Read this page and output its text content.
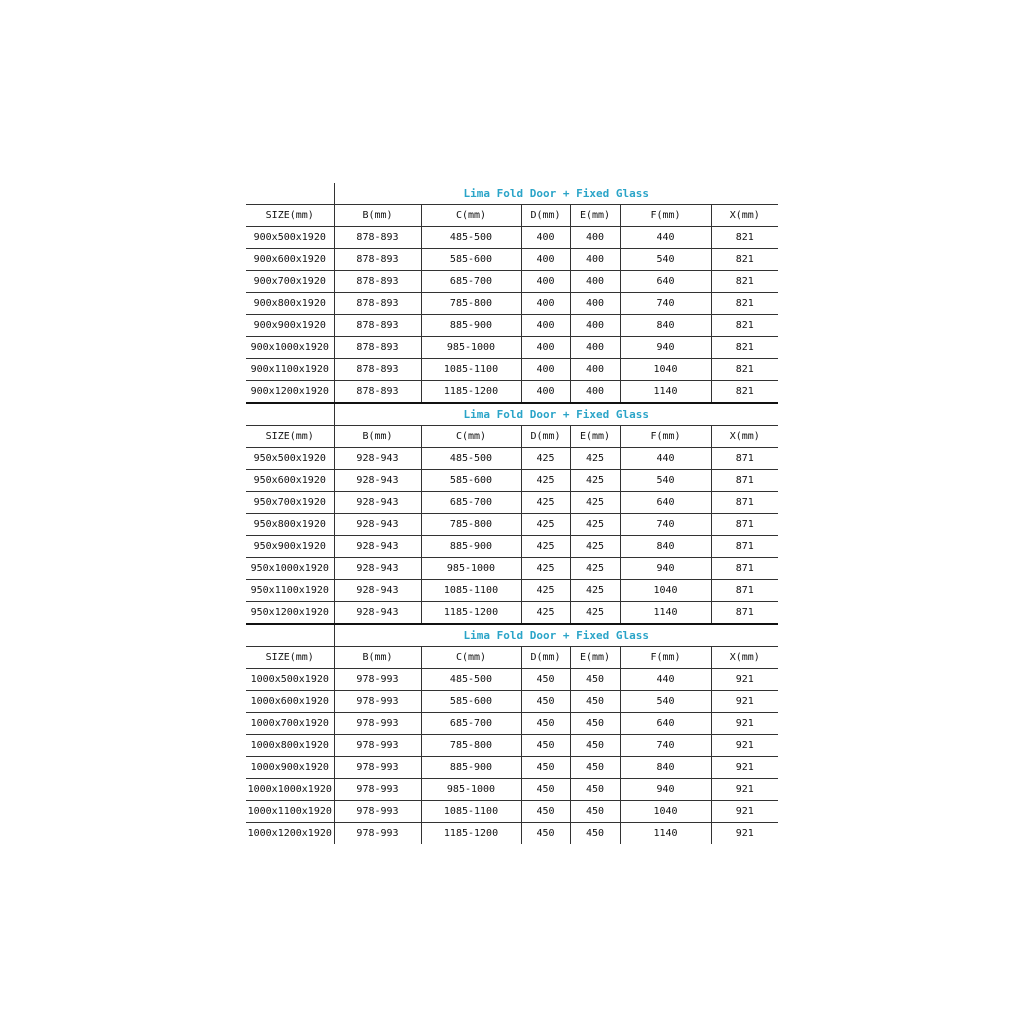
	Lima Fold Door + Fixed Glass					
SIZE(mm)	B(mm)	C(mm)	D(mm)	E(mm)	F(mm)	X(mm)
900x500x1920	878-893	485-500	400	400	440	821
900x600x1920	878-893	585-600	400	400	540	821
900x700x1920	878-893	685-700	400	400	640	821
900x800x1920	878-893	785-800	400	400	740	821
900x900x1920	878-893	885-900	400	400	840	821
900x1000x1920	878-893	985-1000	400	400	940	821
900x1100x1920	878-893	1085-1100	400	400	1040	821
900x1200x1920	878-893	1185-1200	400	400	1140	821
	Lima Fold Door + Fixed Glass					
SIZE(mm)	B(mm)	C(mm)	D(mm)	E(mm)	F(mm)	X(mm)
950x500x1920	928-943	485-500	425	425	440	871
950x600x1920	928-943	585-600	425	425	540	871
950x700x1920	928-943	685-700	425	425	640	871
950x800x1920	928-943	785-800	425	425	740	871
950x900x1920	928-943	885-900	425	425	840	871
950x1000x1920	928-943	985-1000	425	425	940	871
950x1100x1920	928-943	1085-1100	425	425	1040	871
950x1200x1920	928-943	1185-1200	425	425	1140	871
	Lima Fold Door + Fixed Glass					
SIZE(mm)	B(mm)	C(mm)	D(mm)	E(mm)	F(mm)	X(mm)
1000x500x1920	978-993	485-500	450	450	440	921
1000x600x1920	978-993	585-600	450	450	540	921
1000x700x1920	978-993	685-700	450	450	640	921
1000x800x1920	978-993	785-800	450	450	740	921
1000x900x1920	978-993	885-900	450	450	840	921
1000x1000x1920	978-993	985-1000	450	450	940	921
1000x1100x1920	978-993	1085-1100	450	450	1040	921
1000x1200x1920	978-993	1185-1200	450	450	1140	921
